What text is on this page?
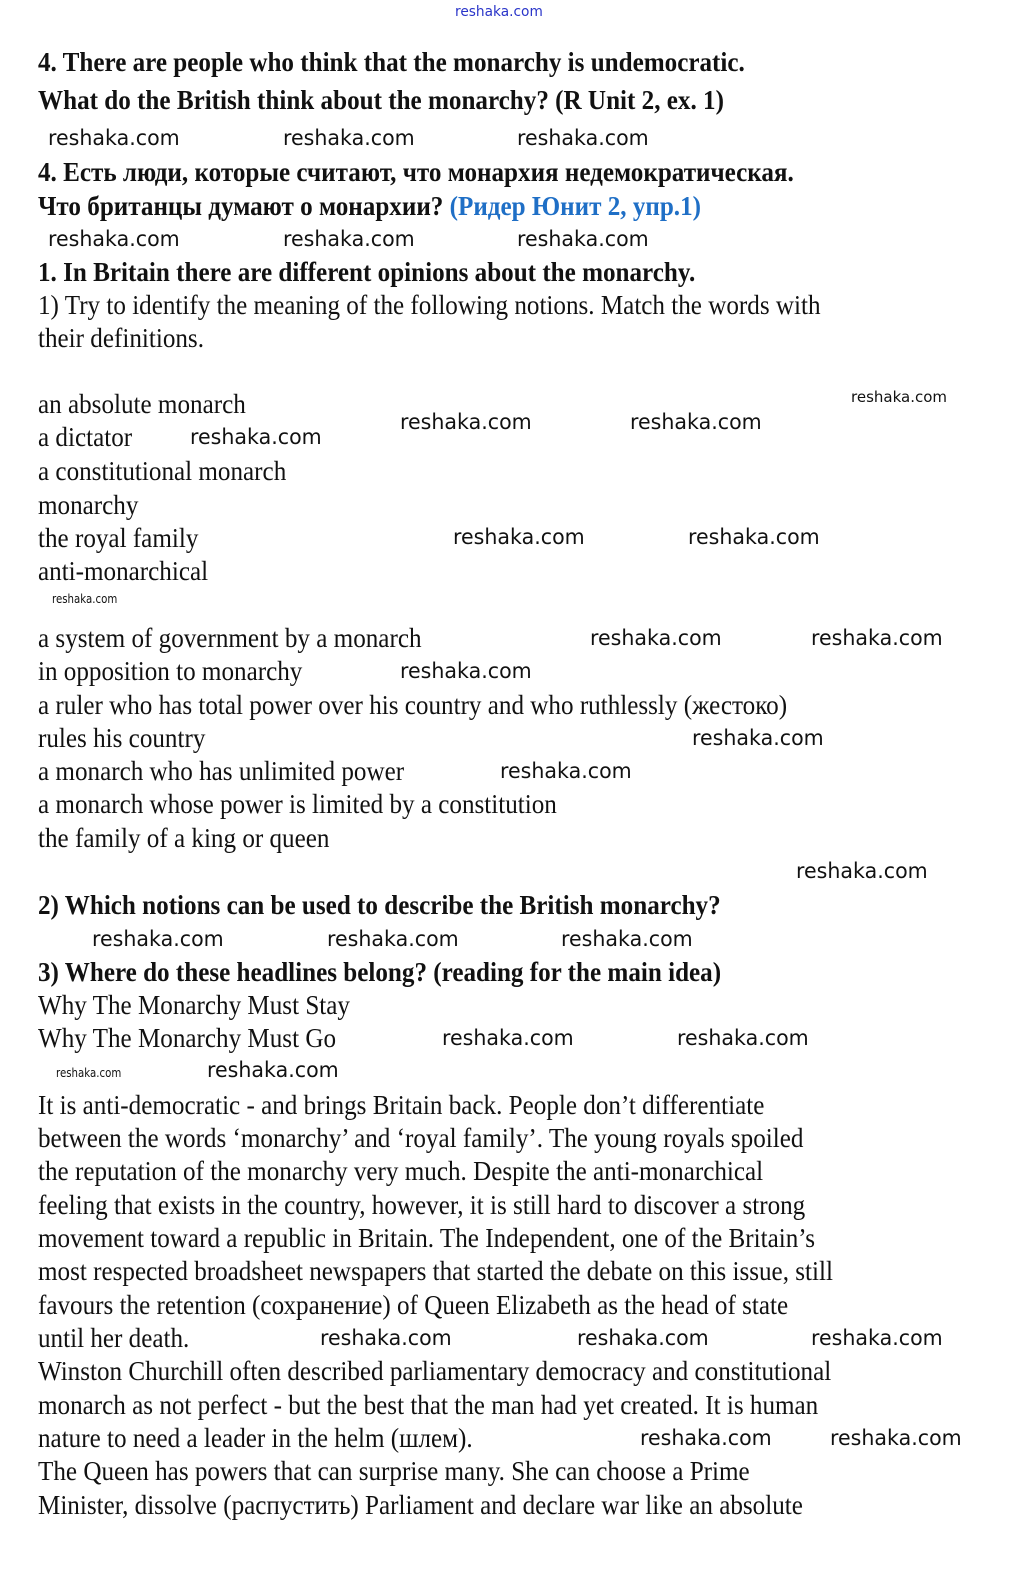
4. There are people who think that the monarchy is undemocratic.
What do the British think about the monarchy? (R Unit 2, ex. 1)
4. Есть люди, которые считают, что монархия недемократическая.
Что британцы думают о монархии? (Ридер Юнит 2, упр.1)
1. In Britain there are different opinions about the monarchy.
1) Try to identify the meaning of the following notions. Match the words with
their definitions.
an absolute monarch
a dictator
a constitutional monarch
monarchy
the royal family
anti-monarchical
a system of government by a monarch
in opposition to monarchy
a ruler who has total power over his country and who ruthlessly (жестоко)
rules his country
a monarch who has unlimited power
a monarch whose power is limited by a constitution
the family of a king or queen
2) Which notions can be used to describe the British monarchy?
3) Where do these headlines belong? (reading for the main idea)
Why The Monarchy Must Stay
Why The Monarchy Must Go
It is anti-democratic - and brings Britain back. People don’t differentiate
between the words ‘monarchy’ and ‘royal family’. The young royals spoiled
the reputation of the monarchy very much. Despite the anti-monarchical
feeling that exists in the country, however, it is still hard to discover a strong
movement toward a republic in Britain. The Independent, one of the Britain’s
most respected broadsheet newspapers that started the debate on this issue, still
favours the retention (сохранение) of Queen Elizabeth as the head of state
until her death.
Winston Churchill often described parliamentary democracy and constitutional
monarch as not perfect - but the best that the man had yet created. It is human
nature to need a leader in the helm (шлем).
The Queen has powers that can surprise many. She can choose a Prime
Minister, dissolve (распустить) Parliament and declare war like an absolute
reshaka.com
reshaka.com	reshaka.com	reshaka.com
reshaka.com	reshaka.com	reshaka.com
reshaka.com
reshaka.com	reshaka.com
reshaka.com
reshaka.com	reshaka.com
reshaka.com
reshaka.com	reshaka.com
reshaka.com
reshaka.com
reshaka.com
reshaka.com
reshaka.com	reshaka.com	reshaka.com
reshaka.com	reshaka.com
reshaka.com
reshaka.com
reshaka.com	reshaka.com	reshaka.com
reshaka.com	reshaka.com
